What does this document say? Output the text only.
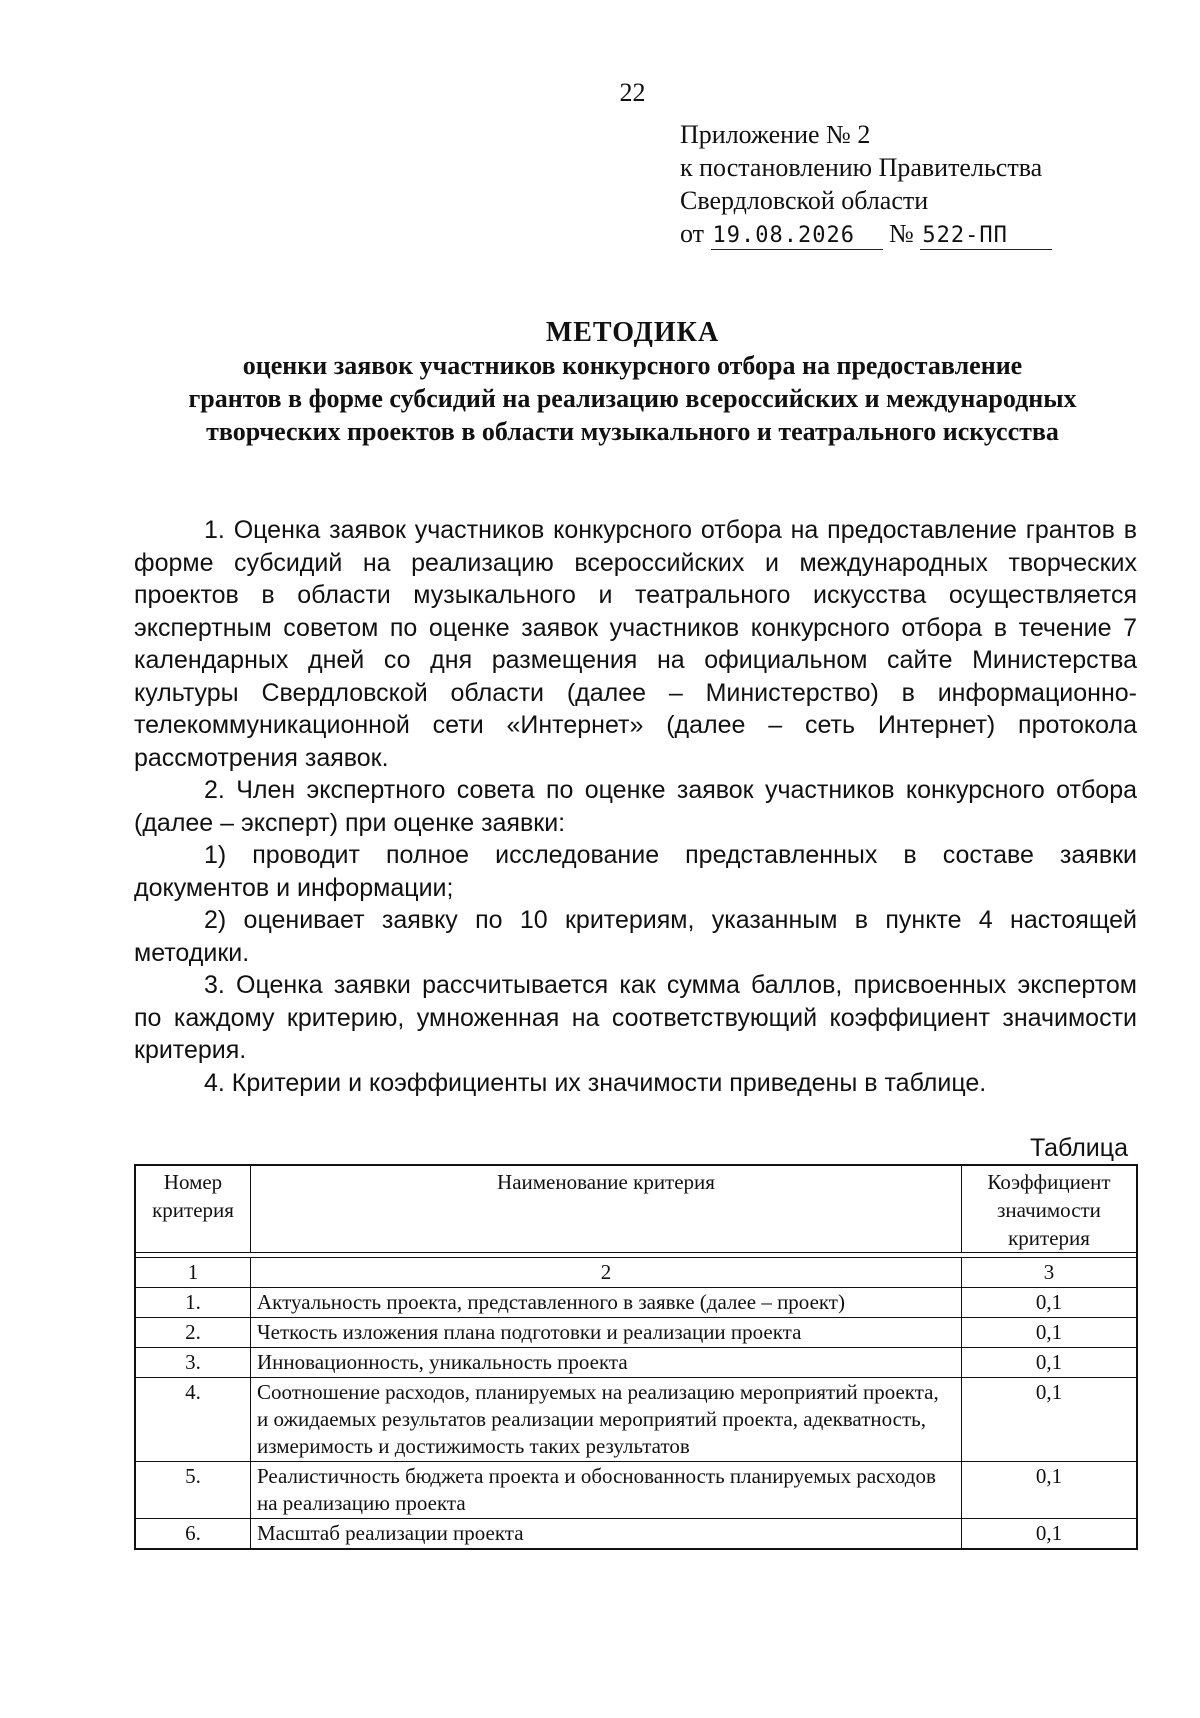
22
Приложение № 2
к постановлению Правительства
Свердловской области
от 19.08.2026 № 522-ПП
МЕТОДИКА
оценки заявок участников конкурсного отбора на предоставление
грантов в форме субсидий на реализацию всероссийских и международных
творческих проектов в области музыкального и театрального искусства

1. Оценка заявок участников конкурсного отбора на предоставление грантов в форме субсидий на реализацию всероссийских и международных творческих проектов в области музыкального и театрального искусства осуществляется экспертным советом по оценке заявок участников конкурсного отбора в течение 7 календарных дней со дня размещения на официальном сайте Министерства культуры Свердловской области (далее – Министерство) в информационно-телекоммуникационной сети «Интернет» (далее – сеть Интернет) протокола рассмотрения заявок.

2. Член экспертного совета по оценке заявок участников конкурсного отбора (далее – эксперт) при оценке заявки:

1) проводит полное исследование представленных в составе заявки документов и информации;

2) оценивает заявку по 10 критериям, указанным в пункте 4 настоящей методики.

3. Оценка заявки рассчитывается как сумма баллов, присвоенных экспертом по каждому критерию, умноженная на соответствующий коэффициент значимости критерия.

4. Критерии и коэффициенты их значимости приведены в таблице.

Таблица
Номер критерия	Наименование критерия	Коэффициент значимости критерия

1	2	3
1.	Актуальность проекта, представленного в заявке (далее – проект)	0,1
2.	Четкость изложения плана подготовки и реализации проекта	0,1
3.	Инновационность, уникальность проекта	0,1
4.	Соотношение расходов, планируемых на реализацию мероприятий проекта, и ожидаемых результатов реализации мероприятий проекта, адекватность, измеримость и достижимость таких результатов	0,1
5.	Реалистичность бюджета проекта и обоснованность планируемых расходов на реализацию проекта	0,1
6.	Масштаб реализации проекта	0,1
